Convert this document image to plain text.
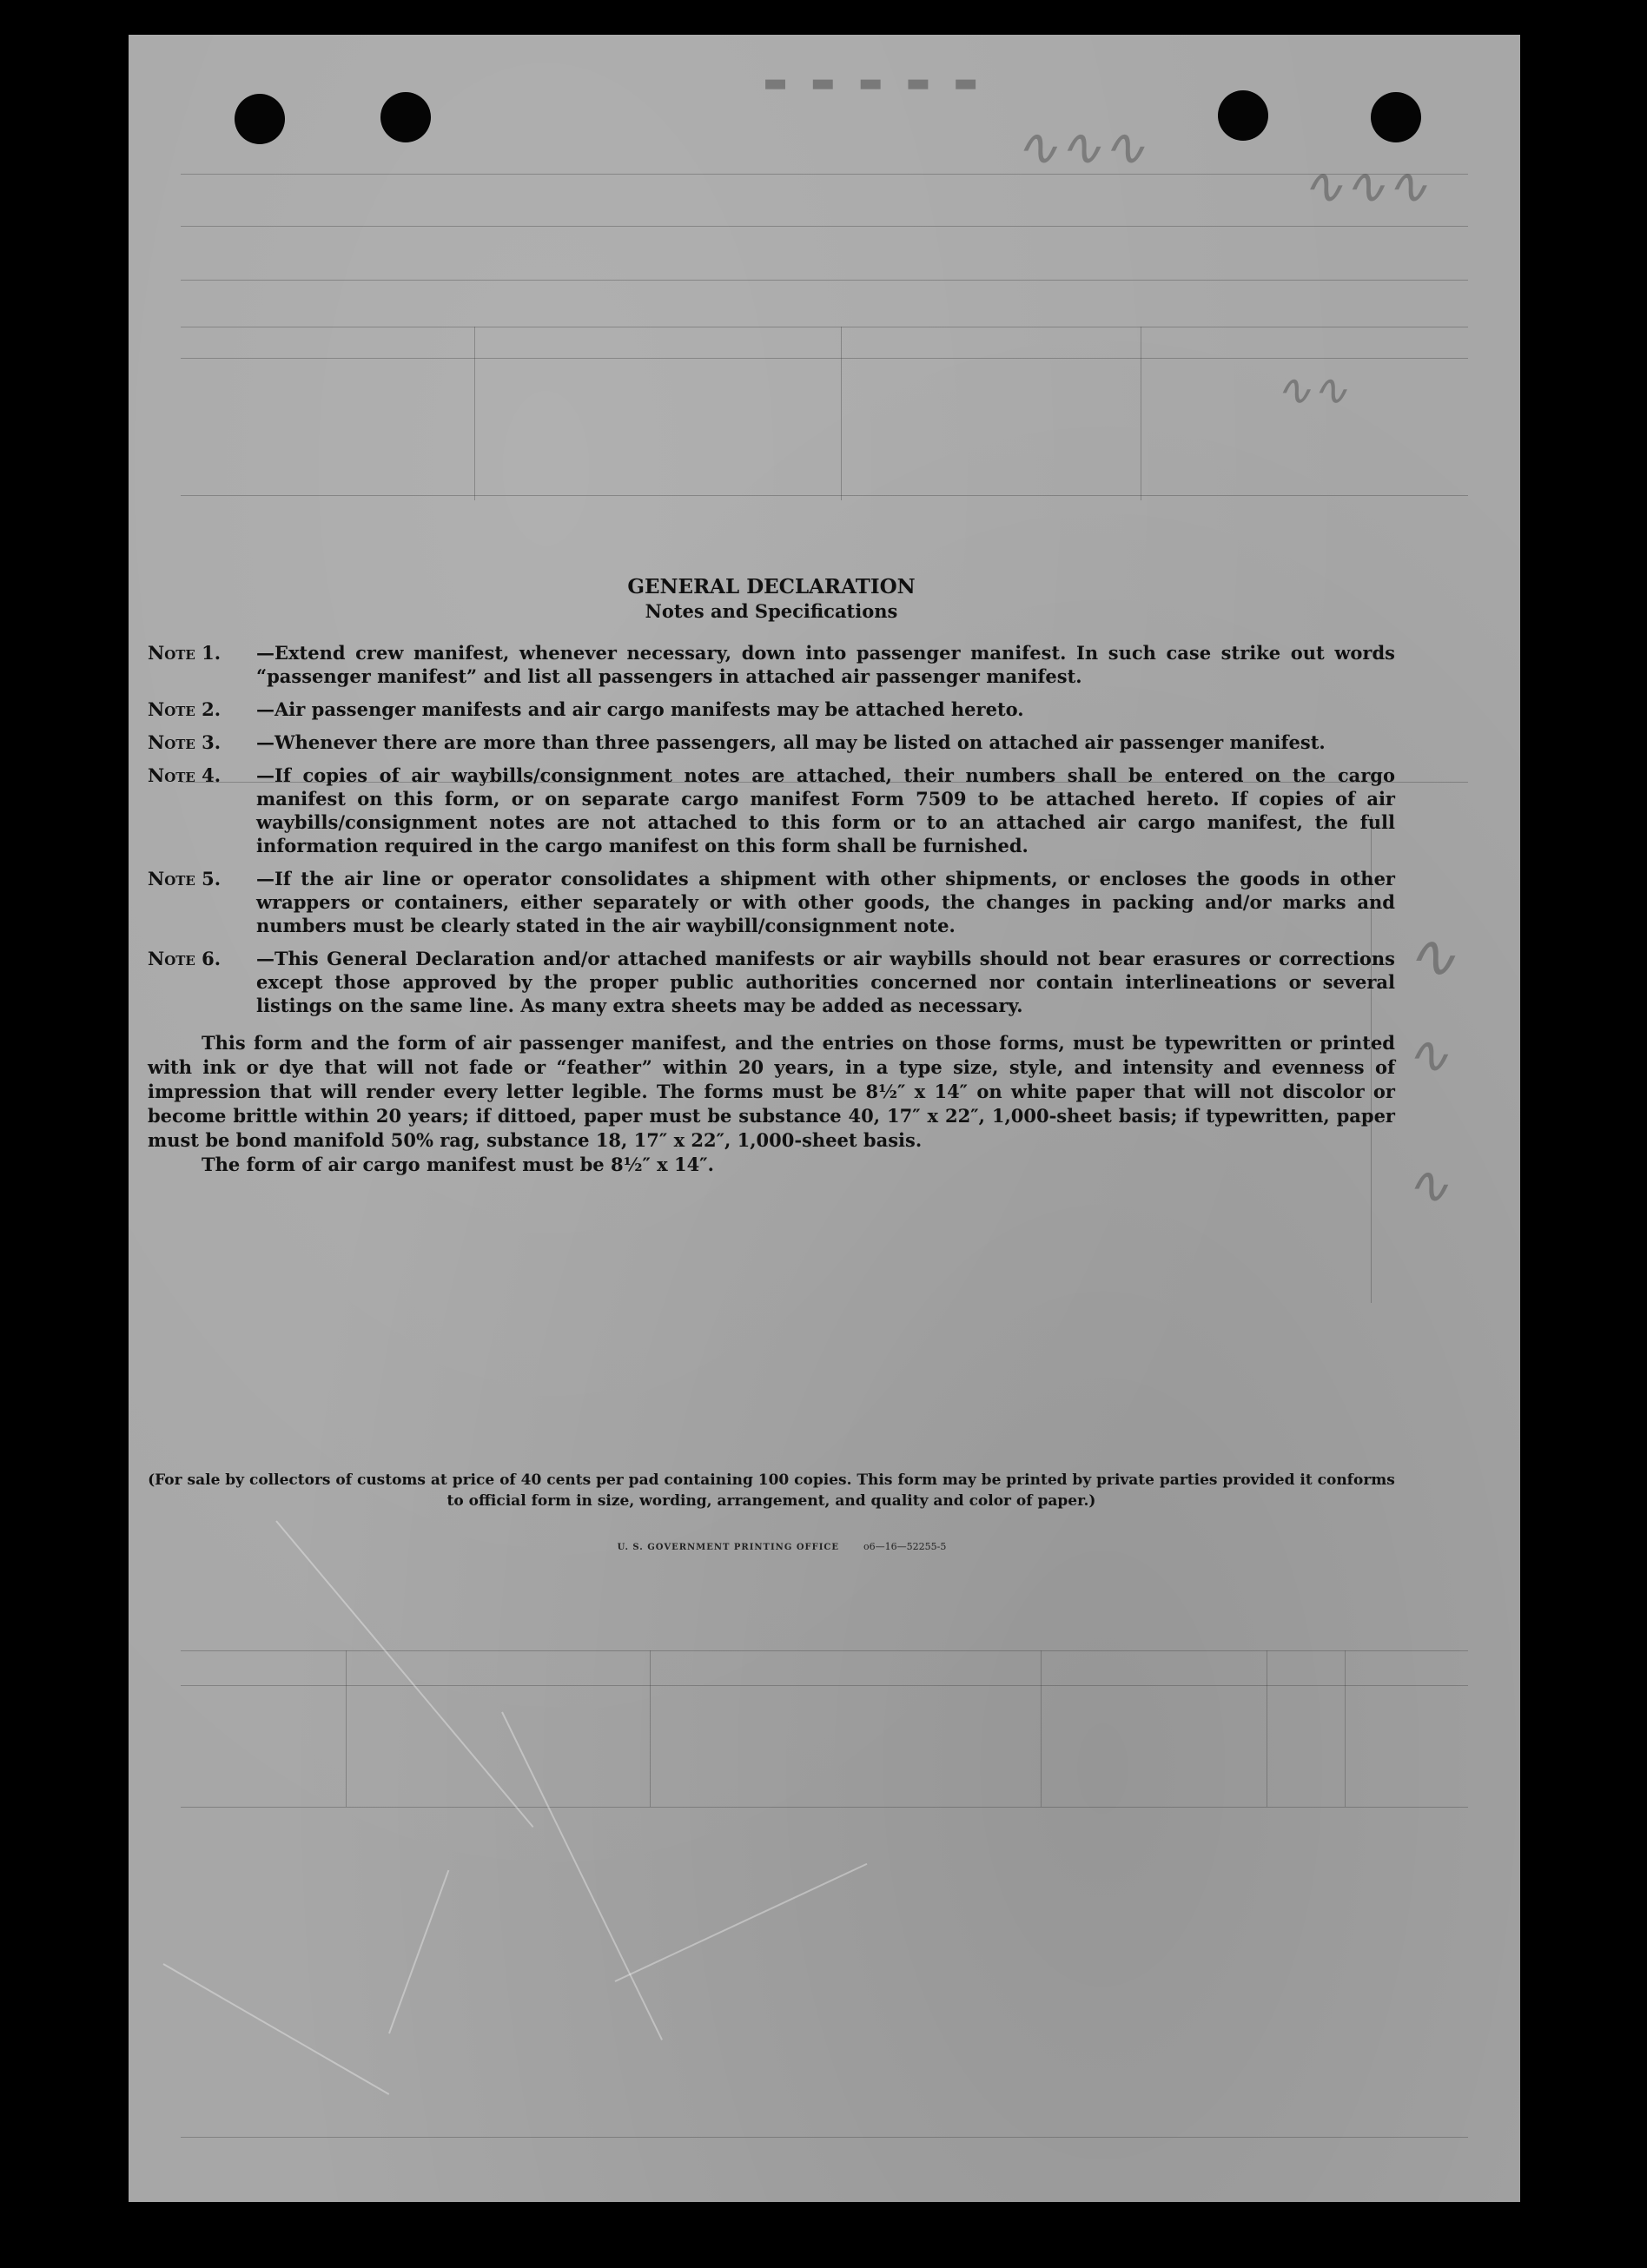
▬ ▬ ▬ ▬ ▬
∿∿∿
∿∿∿
∿∿
∿
∿
∿
GENERAL DECLARATION
Notes and Specifications
Note 1.	—Extend crew manifest, whenever necessary, down into passenger manifest. In such case strike out words “passenger manifest” and list all passengers in attached air passenger manifest.
Note 2.	—Air passenger manifests and air cargo manifests may be attached hereto.
Note 3.	—Whenever there are more than three passengers, all may be listed on attached air passenger manifest.
Note 4.	—If copies of air waybills/consignment notes are attached, their numbers shall be entered on the cargo manifest on this form, or on separate cargo manifest Form 7509 to be attached hereto. If copies of air waybills/consignment notes are not attached to this form or to an attached air cargo manifest, the full information required in the cargo manifest on this form shall be furnished.
Note 5.	—If the air line or operator consolidates a shipment with other shipments, or encloses the goods in other wrappers or containers, either separately or with other goods, the changes in packing and/or marks and numbers must be clearly stated in the air waybill/consignment note.
Note 6.	—This General Declaration and/or attached manifests or air waybills should not bear erasures or corrections except those approved by the proper public authorities concerned nor contain interlineations or several listings on the same line. As many extra sheets may be added as necessary.
This form and the form of air passenger manifest, and the entries on those forms, must be typewritten or printed with ink or dye that will not fade or “feather” within 20 years, in a type size, style, and intensity and evenness of impression that will render every letter legible. The forms must be 8½″ x 14″ on white paper that will not discolor or become brittle within 20 years; if dittoed, paper must be substance 40, 17″ x 22″, 1,000-sheet basis; if typewritten, paper must be bond manifold 50% rag, substance 18, 17″ x 22″, 1,000-sheet basis.
The form of air cargo manifest must be 8½″ x 14″.
(For sale by collectors of customs at price of 40 cents per pad containing 100 copies. This form may be printed by private parties provided it conforms to official form in size, wording, arrangement, and quality and color of paper.)
U. S. GOVERNMENT PRINTING OFFICE	o6—16—52255-5
